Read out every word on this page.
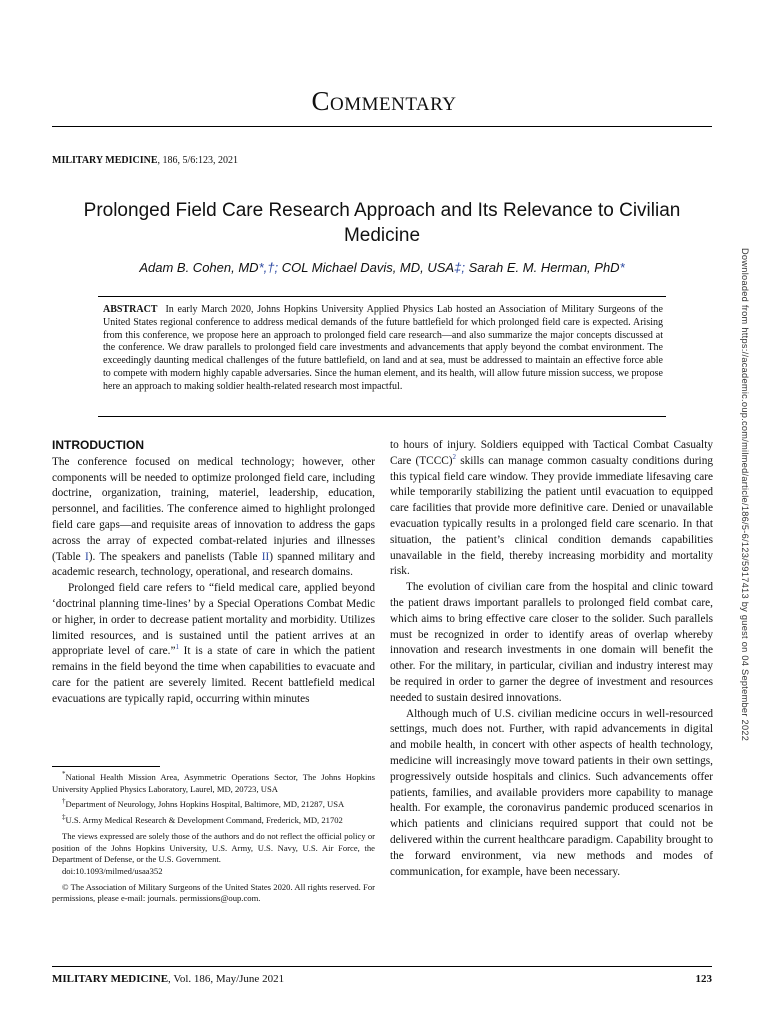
Commentary
MILITARY MEDICINE, 186, 5/6:123, 2021
Prolonged Field Care Research Approach and Its Relevance to Civilian Medicine
Adam B. Cohen, MD*,†; COL Michael Davis, MD, USA‡; Sarah E. M. Herman, PhD*
ABSTRACT In early March 2020, Johns Hopkins University Applied Physics Lab hosted an Association of Military Surgeons of the United States regional conference to address medical demands of the future battlefield for which prolonged field care is expected. Arising from this conference, we propose here an approach to prolonged field care research—and also summarize the major concepts discussed at the conference. We draw parallels to prolonged field care investments and advancements that apply beyond the combat environment. The exceedingly daunting medical challenges of the future battlefield, on land and at sea, must be addressed to maintain an effective force able to compete with modern highly capable adversaries. Since the human element, and its health, will allow future mission success, we propose here an approach to making soldier health-related research most impactful.
INTRODUCTION

The conference focused on medical technology; however, other components will be needed to optimize prolonged field care, including doctrine, organization, training, materiel, leadership, education, personnel, and facilities. The conference aimed to highlight prolonged field care gaps—and requisite areas of innovation to address the gaps across the array of expected combat-related injuries and illnesses (Table I). The speakers and panelists (Table II) spanned military and academic research, technology, operational, and research domains.

Prolonged field care refers to “field medical care, applied beyond ‘doctrinal planning time-lines’ by a Special Operations Combat Medic or higher, in order to decrease patient mortality and morbidity. Utilizes limited resources, and is sustained until the patient arrives at an appropriate level of care.”$^1$ It is a state of care in which the patient remains in the field beyond the time when capabilities to evacuate and care for the patient are severely limited. Recent battlefield medical evacuations are typically rapid, occurring within minutes

*National Health Mission Area, Asymmetric Operations Sector, The Johns Hopkins University Applied Physics Laboratory, Laurel, MD, 20723, USA

†Department of Neurology, Johns Hopkins Hospital, Baltimore, MD, 21287, USA

‡U.S. Army Medical Research & Development Command, Frederick, MD, 21702

The views expressed are solely those of the authors and do not reflect the official policy or position of the Johns Hopkins University, U.S. Army, U.S. Navy, U.S. Air Force, the Department of Defense, or the U.S. Government.

doi:10.1093/milmed/usaa352

© The Association of Military Surgeons of the United States 2020. All rights reserved. For permissions, please e-mail: journals. permissions@oup.com.

to hours of injury. Soldiers equipped with Tactical Combat Casualty Care (TCCC)$^2$ skills can manage common casualty conditions during this typical field care window. They provide immediate lifesaving care while temporarily stabilizing the patient until evacuation to equipped care facilities that provide more definitive care. Denied or unavailable evacuation typically results in a prolonged field care scenario. In that situation, the patient’s clinical condition demands capabilities unavailable in the field, thereby increasing morbidity and mortality risk.

The evolution of civilian care from the hospital and clinic toward the patient draws important parallels to prolonged field combat care, which aims to bring effective care closer to the solider. Such parallels must be recognized in order to identify areas of overlap whereby innovation and research investments in one domain will benefit the other. For the military, in particular, civilian and industry interest may be required in order to garner the degree of investment and resources needed to sustain desired innovations.

Although much of U.S. civilian medicine occurs in well-resourced settings, much does not. Further, with rapid advancements in digital and mobile health, in concert with other aspects of health technology, medicine will increasingly move toward patients in their own settings, progressively outside hospitals and clinics. Such advancements offer patients, families, and available providers more capability to manage health. For example, the coronavirus pandemic produced scenarios in which patients and clinicians required support that could not be delivered within the current healthcare paradigm. Capability brought to the forward environment, via new methods and modes of communication, for example, have been necessary.

MILITARY MEDICINE, Vol. 186, May/June 2021	123
Downloaded from https://academic.oup.com/milmed/article/186/5-6/123/5917413 by guest on 04 September 2022
